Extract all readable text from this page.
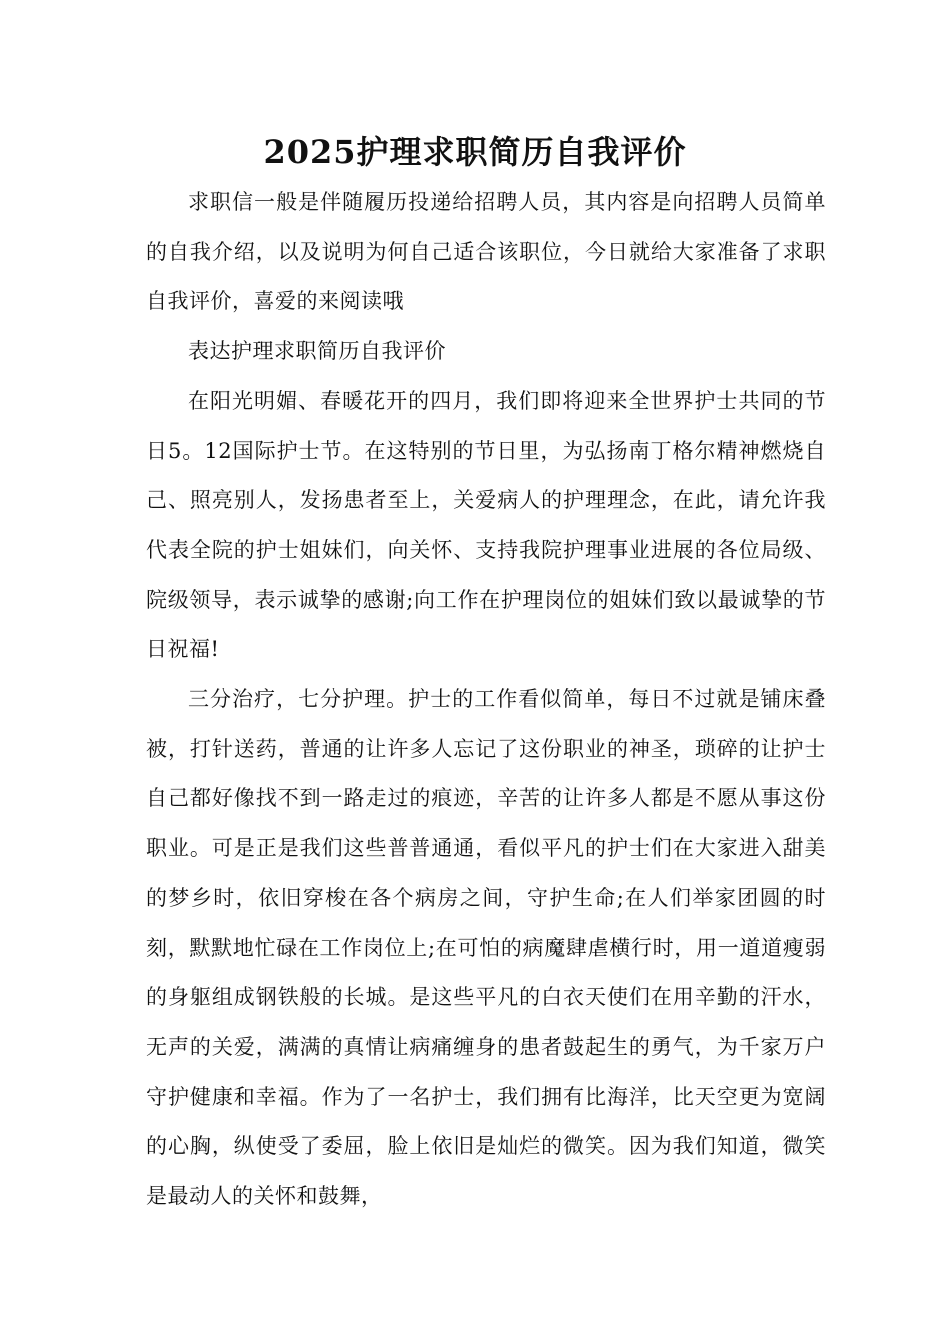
2025护理求职简历自我评价

求职信一般是伴随履历投递给招聘人员，其内容是向招聘人员简单的自我介绍，以及说明为何自己适合该职位，今日就给大家准备了求职自我评价，喜爱的来阅读哦

表达护理求职简历自我评价

在阳光明媚、春暖花开的四月，我们即将迎来全世界护士共同的节日5。12国际护士节。在这特别的节日里，为弘扬南丁格尔精神燃烧自己、照亮别人，发扬患者至上，关爱病人的护理理念，在此，请允许我代表全院的护士姐妹们，向关怀、支持我院护理事业进展的各位局级、院级领导，表示诚挚的感谢;向工作在护理岗位的姐妹们致以最诚挚的节日祝福!

三分治疗，七分护理。护士的工作看似简单，每日不过就是铺床叠被，打针送药，普通的让许多人忘记了这份职业的神圣，琐碎的让护士自己都好像找不到一路走过的痕迹，辛苦的让许多人都是不愿从事这份职业。可是正是我们这些普普通通，看似平凡的护士们在大家进入甜美的梦乡时，依旧穿梭在各个病房之间，守护生命;在人们举家团圆的时刻，默默地忙碌在工作岗位上;在可怕的病魔肆虐横行时，用一道道瘦弱的身躯组成钢铁般的长城。是这些平凡的白衣天使们在用辛勤的汗水，无声的关爱，满满的真情让病痛缠身的患者鼓起生的勇气，为千家万户守护健康和幸福。作为了一名护士，我们拥有比海洋，比天空更为宽阔的心胸，纵使受了委屈，脸上依旧是灿烂的微笑。因为我们知道，微笑是最动人的关怀和鼓舞，
